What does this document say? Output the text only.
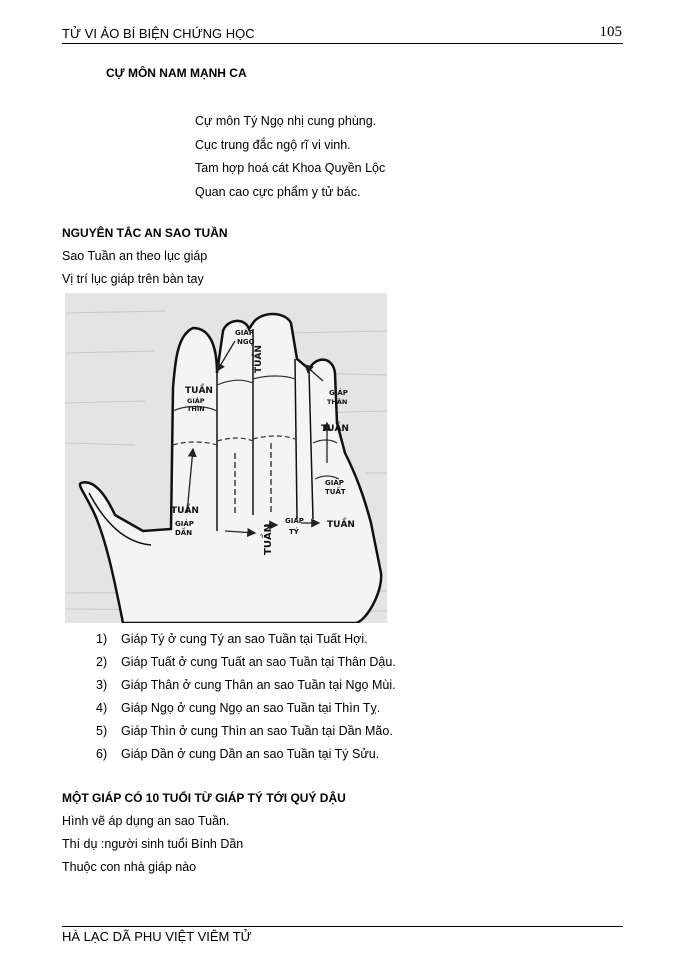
TỬ VI ẢO BÍ BIỆN CHỨNG HỌC	105
CỰ MÔN NAM MẠNH CA
Cự môn Tý Ngọ nhị cung phùng.
Cục trung đắc ngộ rĩ vi vinh.
Tam hợp hoá cát Khoa Quyền Lộc
Quan cao cực phẩm y tử bác.
NGUYÊN TẮC AN SAO TUẦN
Sao Tuần an theo lục giáp
Vị trí lục giáp trên bàn tay
GIÁP
NGỌ
TUẦN
TUẦN
GIÁP
THÌN
GIÁP
THÂN
TUẦN
GIÁP
TUẤT
TUẦN
GIÁP
DẦN	TUẦN
GIÁP
TÝ
TUẦN
1) Giáp Tý ở cung Tý an sao Tuần tại Tuất Hợi.
2) Giáp Tuất ở cung Tuất an sao Tuần tại Thân Dậu.
3) Giáp Thân ở cung Thân an sao Tuần tại Ngọ Mùi.
4) Giáp Ngọ ở cung Ngọ an sao Tuần tại Thìn Tỵ.
5) Giáp Thìn ở cung Thìn an sao Tuần tại Dần Mão.
6) Giáp Dần ở cung Dần an sao Tuần tại Tý Sửu.
MỘT GIÁP CÓ 10 TUỔI TỪ GIÁP TÝ TỚI QUÝ DẬU
Hình vẽ áp dụng an sao Tuần.
Thí dụ :người sinh tuổi Bính Dần
Thuộc con nhà giáp nào
HÀ LẠC DÃ PHU VIỆT VIÊM TỬ
